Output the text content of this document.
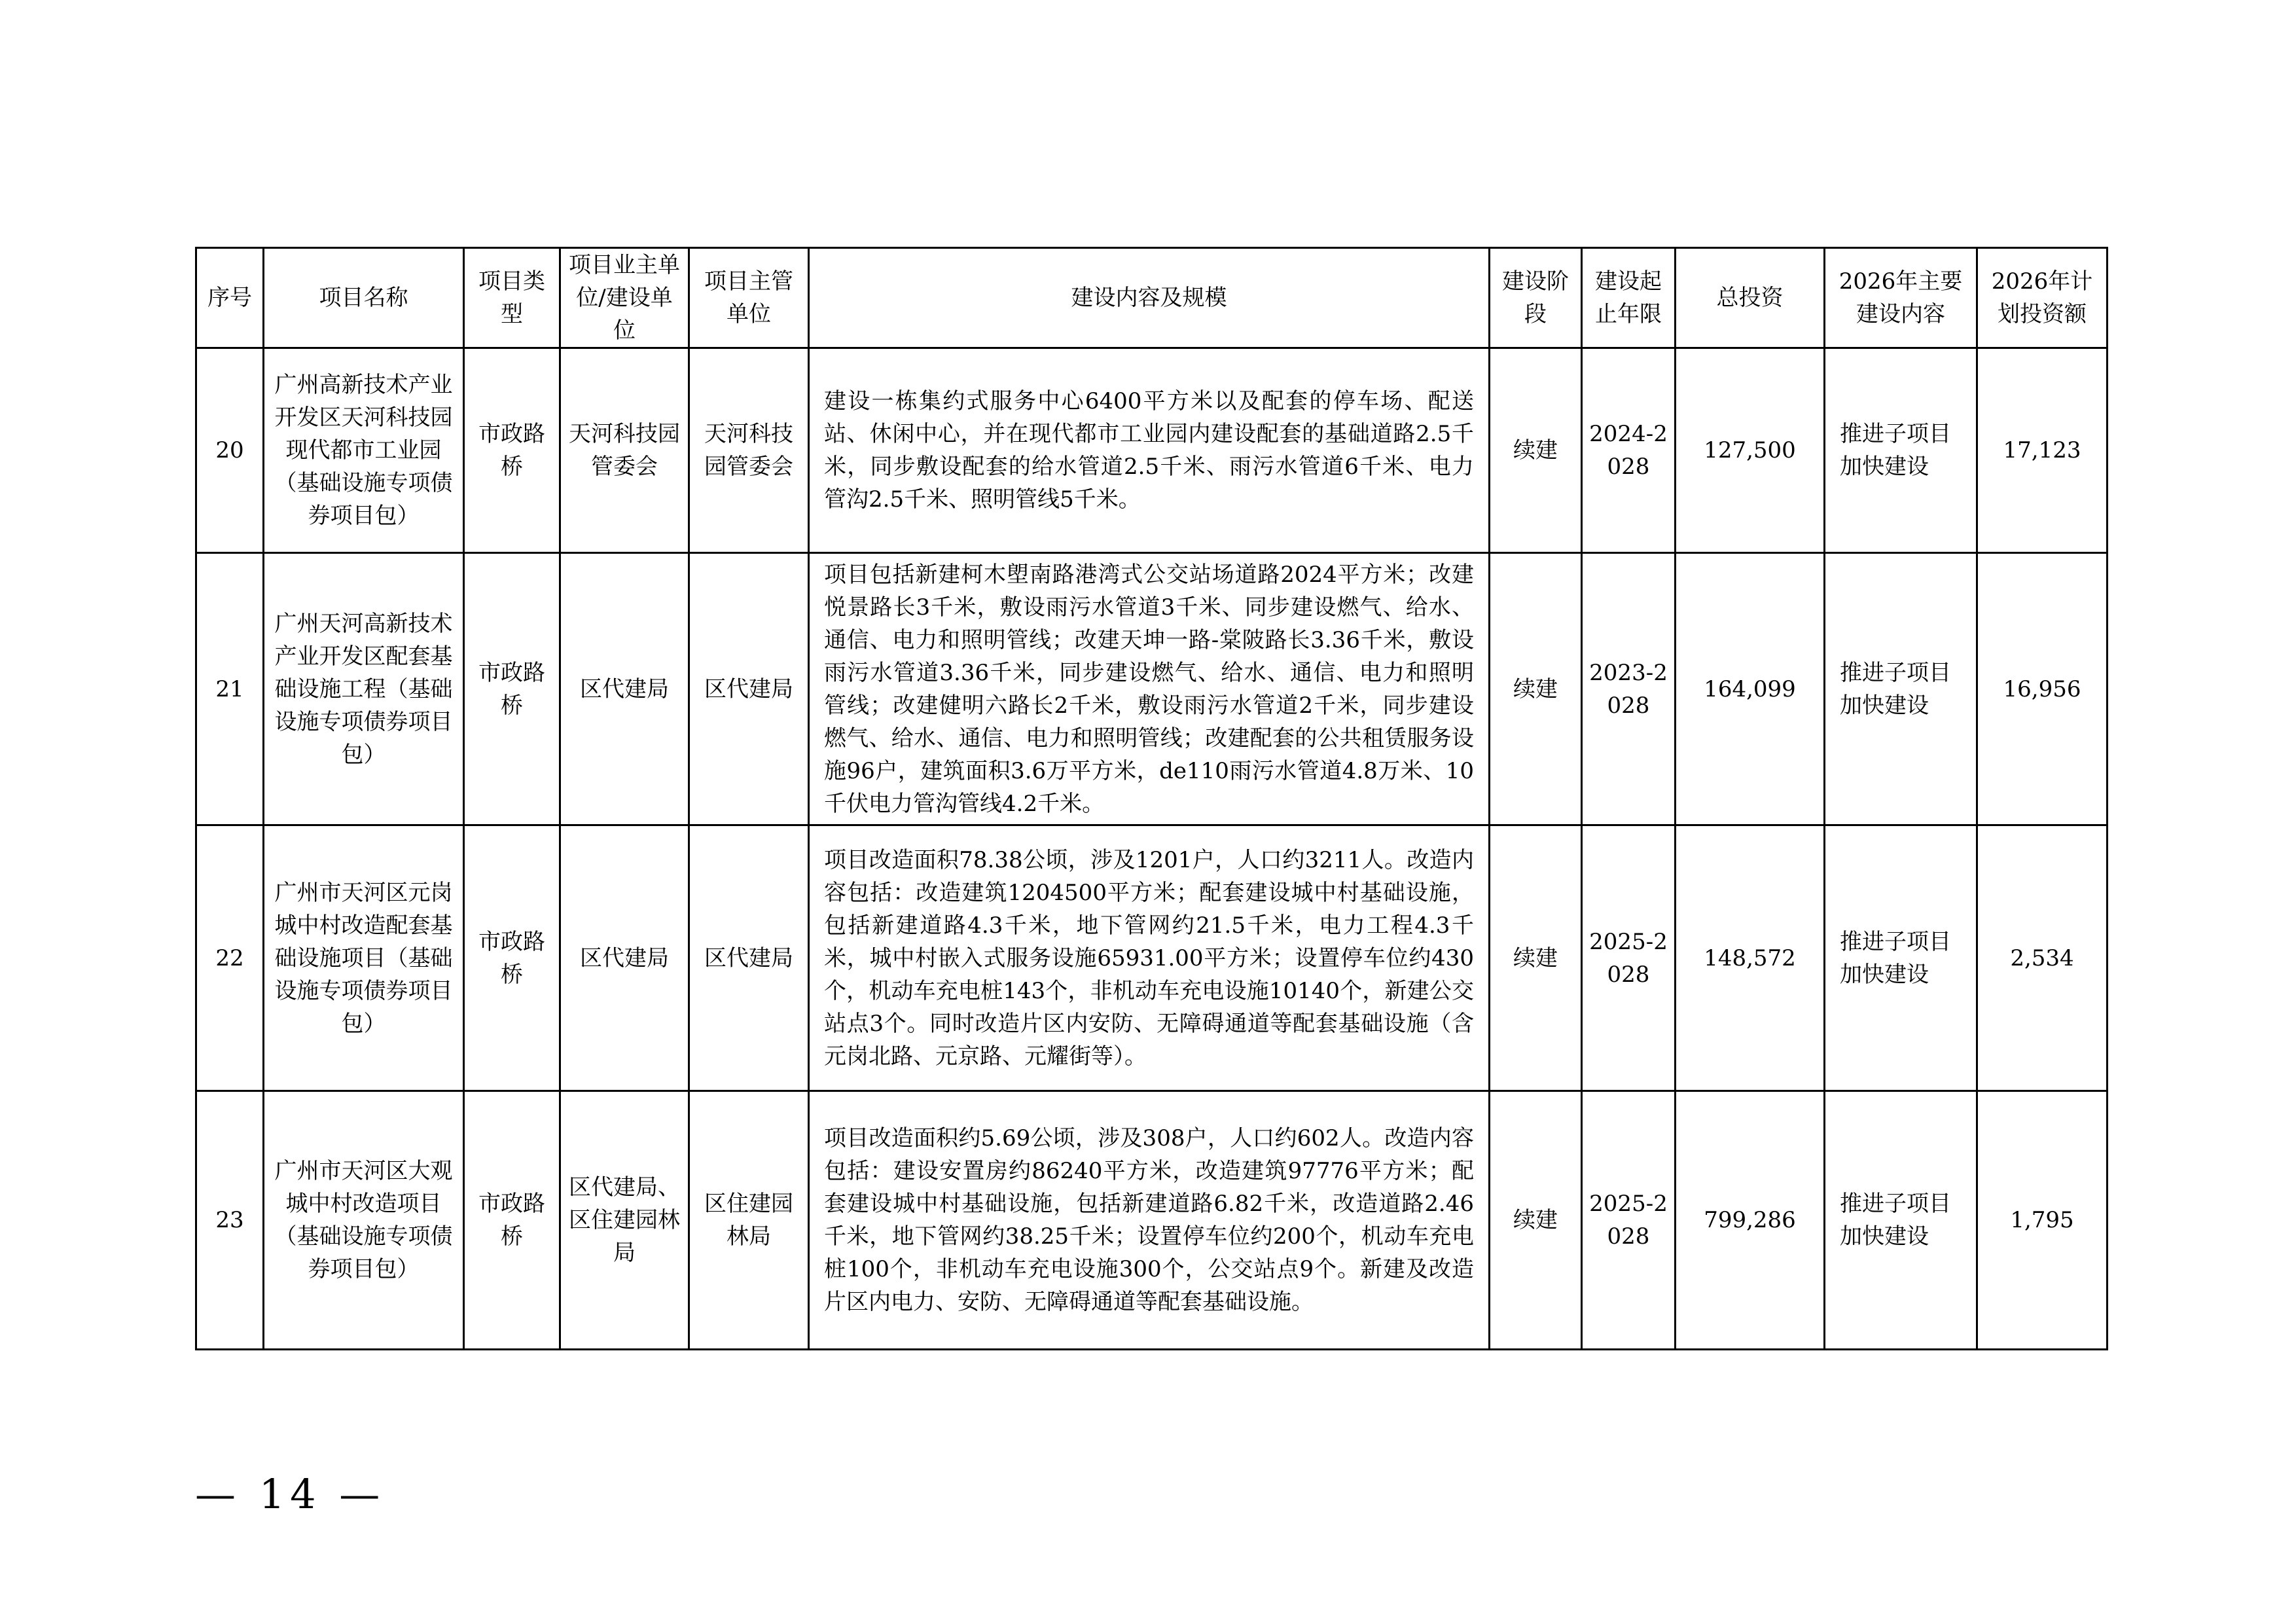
序号	项目名称	项目类型	项目业主单位/建设单位	项目主管单位	建设内容及规模	建设阶段	建设起止年限	总投资	2026年主要建设内容	2026年计划投资额
20	广州高新技术产业开发区天河科技园现代都市工业园（基础设施专项债券项目包）	市政路桥	天河科技园管委会	天河科技园管委会	建设一栋集约式服务中心6400平方米以及配套的停车场、配送站、休闲中心，并在现代都市工业园内建设配套的基础道路2.5千米，同步敷设配套的给水管道2.5千米、雨污水管道6千米、电力管沟2.5千米、照明管线5千米。	续建	2024-2028	127,500	推进子项目加快建设	17,123
21	广州天河高新技术产业开发区配套基础设施工程（基础设施专项债券项目包）	市政路桥	区代建局	区代建局	项目包括新建柯木塱南路港湾式公交站场道路2024平方米；改建悦景路长3千米，敷设雨污水管道3千米、同步建设燃气、给水、通信、电力和照明管线；改建天坤一路-棠陂路长3.36千米，敷设雨污水管道3.36千米，同步建设燃气、给水、通信、电力和照明管线；改建健明六路长2千米，敷设雨污水管道2千米，同步建设燃气、给水、通信、电力和照明管线；改建配套的公共租赁服务设施96户，建筑面积3.6万平方米，de110雨污水管道4.8万米、10千伏电力管沟管线4.2千米。	续建	2023-2028	164,099	推进子项目加快建设	16,956
22	广州市天河区元岗城中村改造配套基础设施项目（基础设施专项债券项目包）	市政路桥	区代建局	区代建局	项目改造面积78.38公顷，涉及1201户，人口约3211人。改造内容包括：改造建筑1204500平方米；配套建设城中村基础设施，包括新建道路4.3千米，地下管网约21.5千米，电力工程4.3千米，城中村嵌入式服务设施65931.00平方米；设置停车位约430个，机动车充电桩143个，非机动车充电设施10140个，新建公交站点3个。同时改造片区内安防、无障碍通道等配套基础设施（含元岗北路、元京路、元耀街等）。	续建	2025-2028	148,572	推进子项目加快建设	2,534
23	广州市天河区大观城中村改造项目（基础设施专项债券项目包）	市政路桥	区代建局、区住建园林局	区住建园林局	项目改造面积约5.69公顷，涉及308户，人口约602人。改造内容包括：建设安置房约86240平方米，改造建筑97776平方米；配套建设城中村基础设施，包括新建道路6.82千米，改造道路2.46千米，地下管网约38.25千米；设置停车位约200个，机动车充电桩100个，非机动车充电设施300个，公交站点9个。新建及改造片区内电力、安防、无障碍通道等配套基础设施。	续建	2025-2028	799,286	推进子项目加快建设	1,795
— 14 —
